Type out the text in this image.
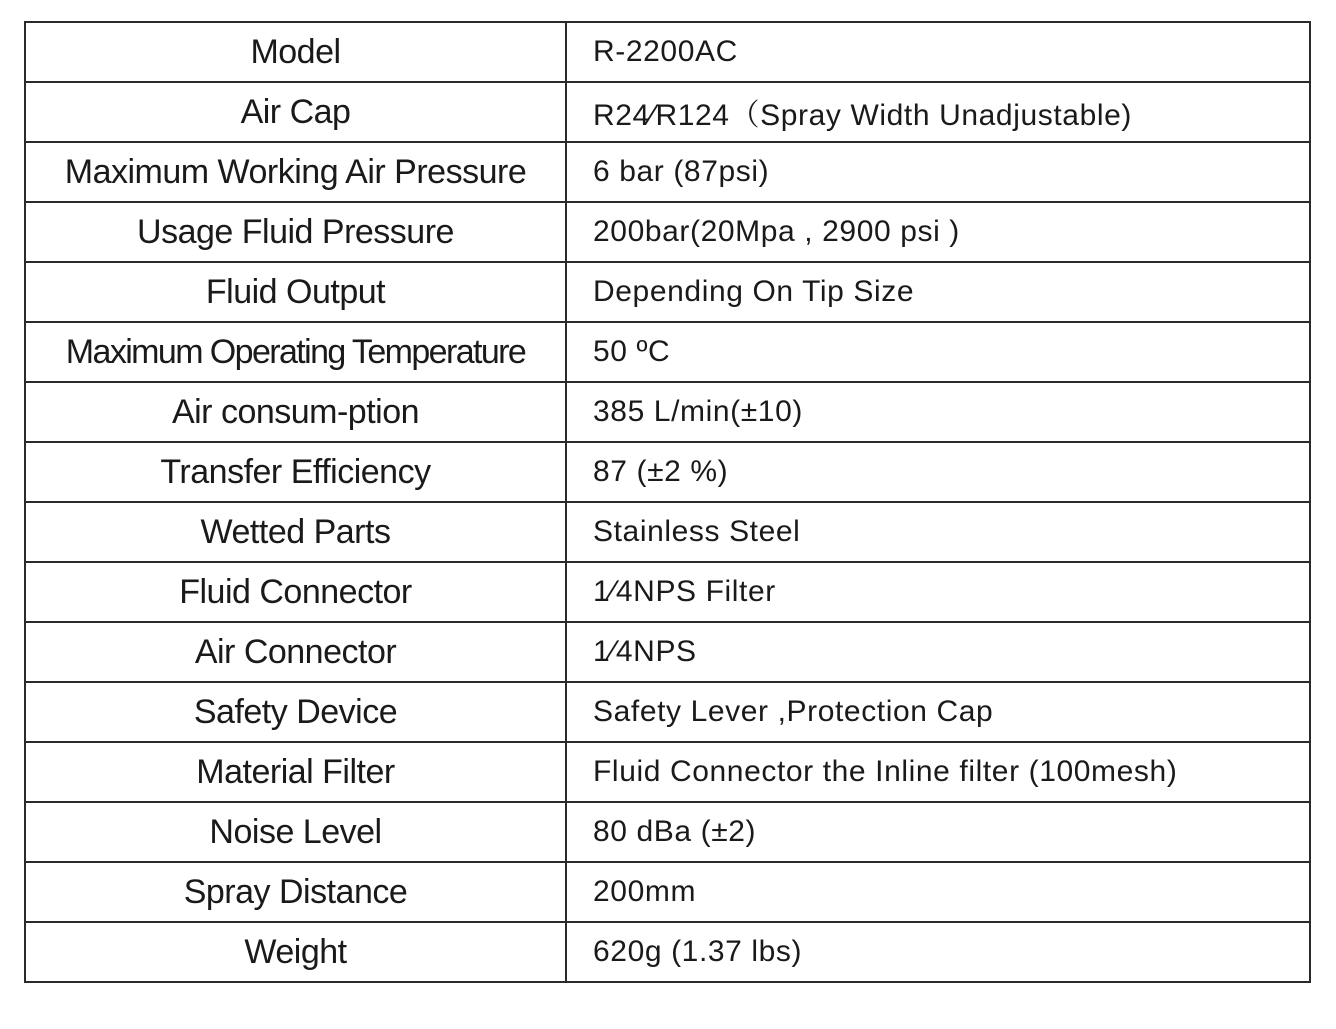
Model	R-2200AC
Air Cap	R24∕R124（Spray Width Unadjustable)
Maximum Working Air Pressure	6 bar (87psi)
Usage Fluid Pressure	200bar(20Mpa , 2900 psi )
Fluid Output	Depending On Tip Size
Maximum Operating Temperature	50 ºC
Air consum-ption	385 L/min(±10)
Transfer Efficiency	87 (±2 %)
Wetted Parts	Stainless Steel
Fluid Connector	1∕4NPS Filter
Air Connector	1∕4NPS
Safety Device	Safety Lever ,Protection Cap
Material Filter	Fluid Connector the Inline filter (100mesh)
Noise Level	80 dBa (±2)
Spray Distance	200mm
Weight	620g (1.37 lbs)
